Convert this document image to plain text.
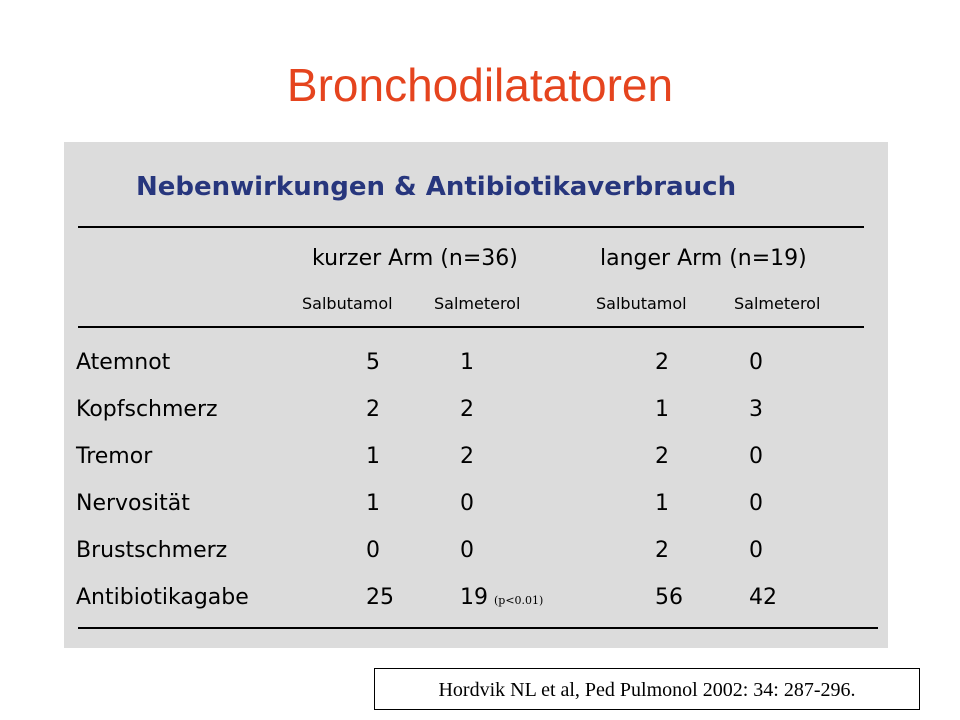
Bronchodilatatoren
Nebenwirkungen & Antibiotikaverbrauch
kurzer Arm (n=36)	langer Arm (n=19)
Salbutamol	Salmeterol	Salbutamol	Salmeterol
Atemnot	5	1	2	0
Kopfschmerz	2	2	1	3
Tremor	1	2	2	0
Nervosität	1	0	1	0
Brustschmerz	0	0	2	0
Antibiotikagabe	25	19 (p<0.01)	56	42
Hordvik NL et al, Ped Pulmonol 2002: 34: 287-296.
